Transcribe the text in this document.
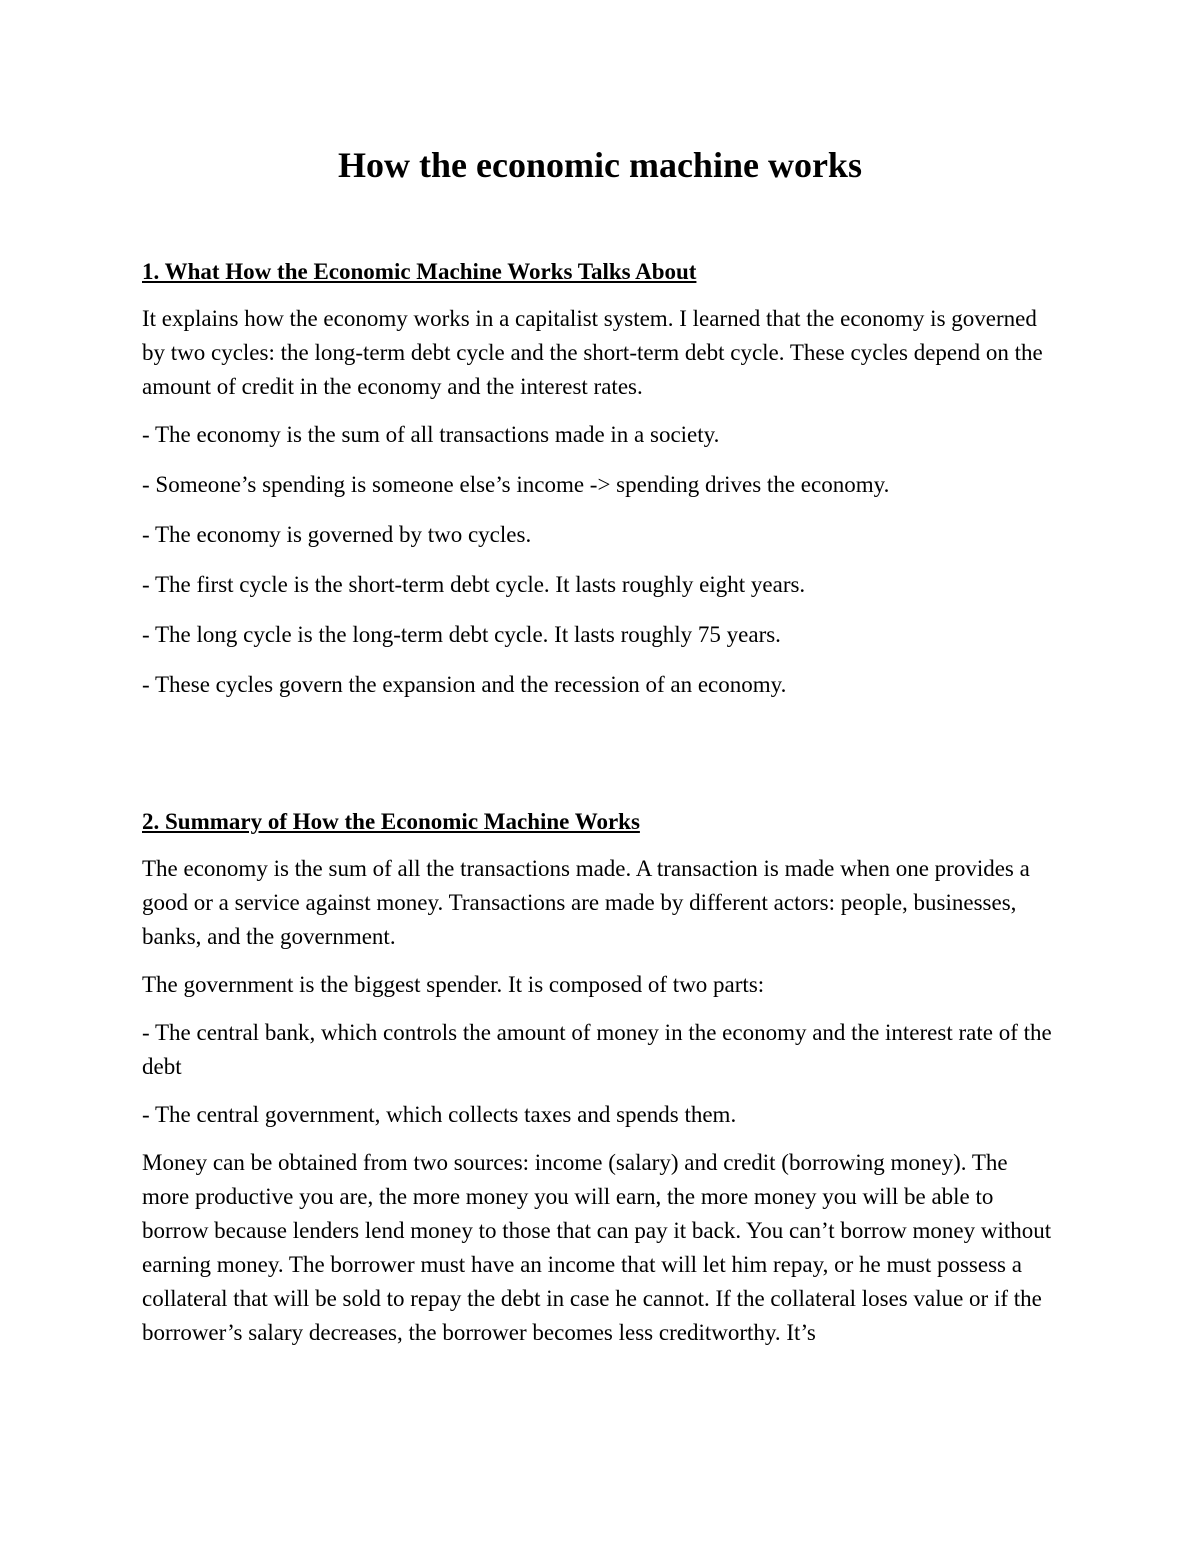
How the economic machine works
1. What How the Economic Machine Works Talks About

It explains how the economy works in a capitalist system. I learned that the economy is governed by two cycles: the long-term debt cycle and the short-term debt cycle. These cycles depend on the amount of credit in the economy and the interest rates.

- The economy is the sum of all transactions made in a society.

- Someone’s spending is someone else’s income -> spending drives the economy.

- The economy is governed by two cycles.

- The first cycle is the short-term debt cycle. It lasts roughly eight years.

- The long cycle is the long-term debt cycle. It lasts roughly 75 years.

- These cycles govern the expansion and the recession of an economy.

2. Summary of How the Economic Machine Works

The economy is the sum of all the transactions made. A transaction is made when one provides a good or a service against money. Transactions are made by different actors: people, businesses, banks, and the government.

The government is the biggest spender. It is composed of two parts:

- The central bank, which controls the amount of money in the economy and the interest rate of the debt

- The central government, which collects taxes and spends them.

Money can be obtained from two sources: income (salary) and credit (borrowing money). The more productive you are, the more money you will earn, the more money you will be able to borrow because lenders lend money to those that can pay it back. You can’t borrow money without earning money. The borrower must have an income that will let him repay, or he must possess a collateral that will be sold to repay the debt in case he cannot. If the collateral loses value or if the borrower’s salary decreases, the borrower becomes less creditworthy. It’s
